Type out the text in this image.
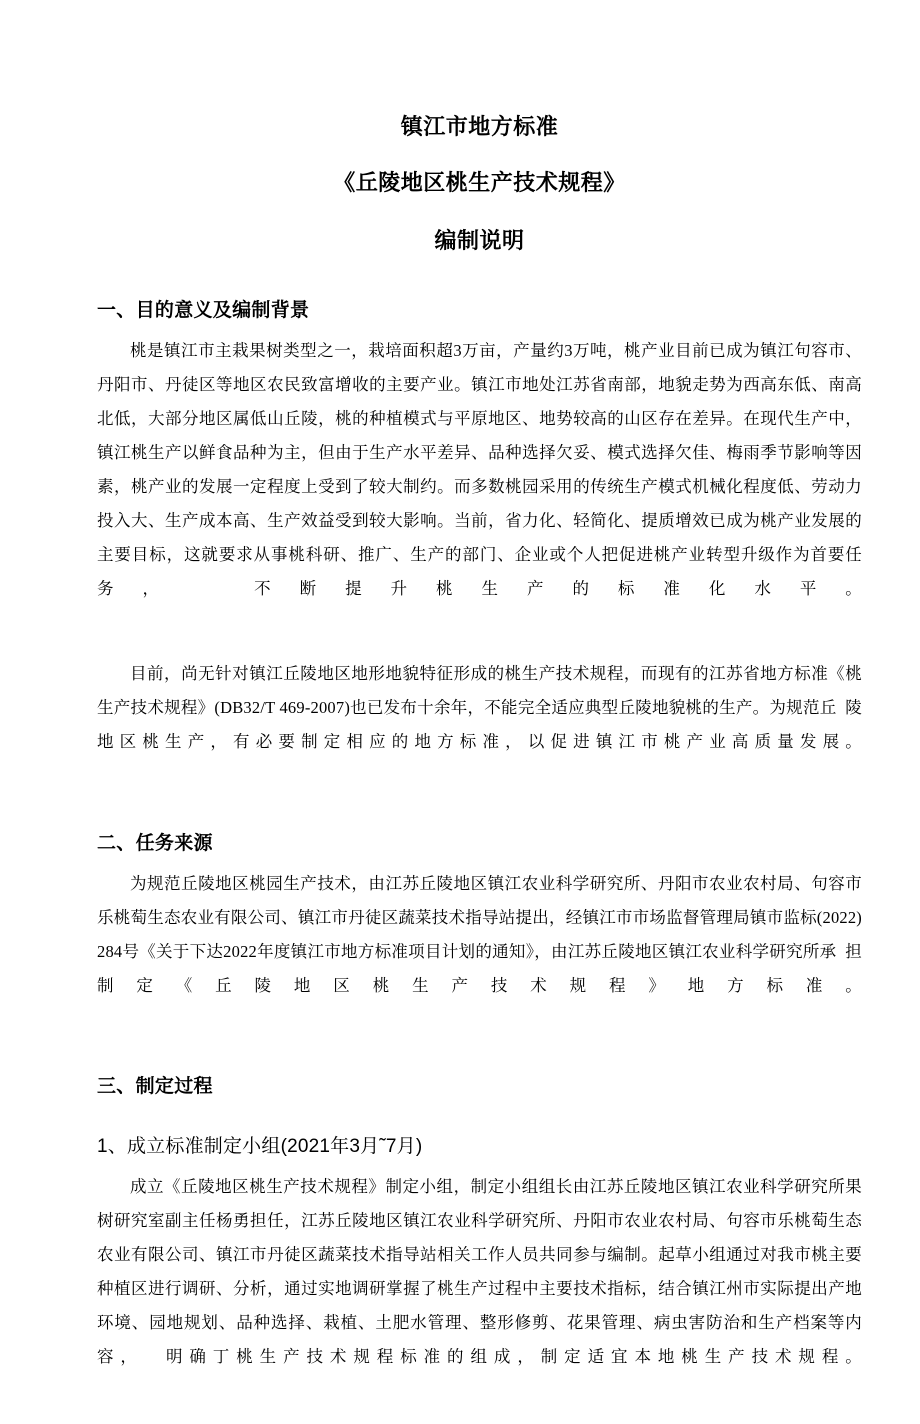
镇江市地方标准
《丘陵地区桃生产技术规程》
编制说明
一、目的意义及编制背景

桃是镇江市主栽果树类型之一，栽培面积超3万亩，产量约3万吨，桃产业目前已成为镇江句容市、 丹阳市、丹徒区等地区农民致富增收的主要产业。镇江市地处江苏省南部，地貌走势为西高东低、南高  北低，大部分地区属低山丘陵，桃的种植模式与平原地区、地势较高的山区存在差异。在现代生产中，  镇江桃生产以鲜食品种为主，但由于生产水平差异、品种选择欠妥、模式选择欠佳、梅雨季节影响等因  素，桃产业的发展一定程度上受到了较大制约。而多数桃园采用的传统生产模式机械化程度低、劳动力  投入大、生产成本高、生产效益受到较大影响。当前，省力化、轻简化、提质增效已成为桃产业发展的  主要目标，这就要求从事桃科研、推广、生产的部门、企业或个人把促进桃产业转型升级作为首要任务，  不断提升桃生产的标准化水平。

目前，尚无针对镇江丘陵地区地形地貌特征形成的桃生产技术规程，而现有的江苏省地方标准《桃  生产技术规程》(DB32/T 469-2007)也已发布十余年，不能完全适应典型丘陵地貌桃的生产。为规范丘  陵地区桃生产，有必要制定相应的地方标准，以促进镇江市桃产业高质量发展。

二、任务来源

为规范丘陵地区桃园生产技术，由江苏丘陵地区镇江农业科学研究所、丹阳市农业农村局、句容市  乐桃萄生态农业有限公司、镇江市丹徒区蔬菜技术指导站提出，经镇江市市场监督管理局镇市监标(2022) 284号《关于下达2022年度镇江市地方标准项目计划的通知》，由江苏丘陵地区镇江农业科学研究所承  担制定《丘陵地区桃生产技术规程》地方标准。

三、制定过程
1、成立标准制定小组(2021年3月˜7月)

成立《丘陵地区桃生产技术规程》制定小组，制定小组组长由江苏丘陵地区镇江农业科学研究所果  树研究室副主任杨勇担任，江苏丘陵地区镇江农业科学研究所、丹阳市农业农村局、句容市乐桃萄生态  农业有限公司、镇江市丹徒区蔬菜技术指导站相关工作人员共同参与编制。起草小组通过对我市桃主要  种植区进行调研、分析，通过实地调研掌握了桃生产过程中主要技术指标，结合镇江州市实际提出产地  环境、园地规划、品种选择、栽植、土肥水管理、整形修剪、花果管理、病虫害防治和生产档案等内容，  明确丁桃生产技术规程标准的组成，制定适宜本地桃生产技术规程。
